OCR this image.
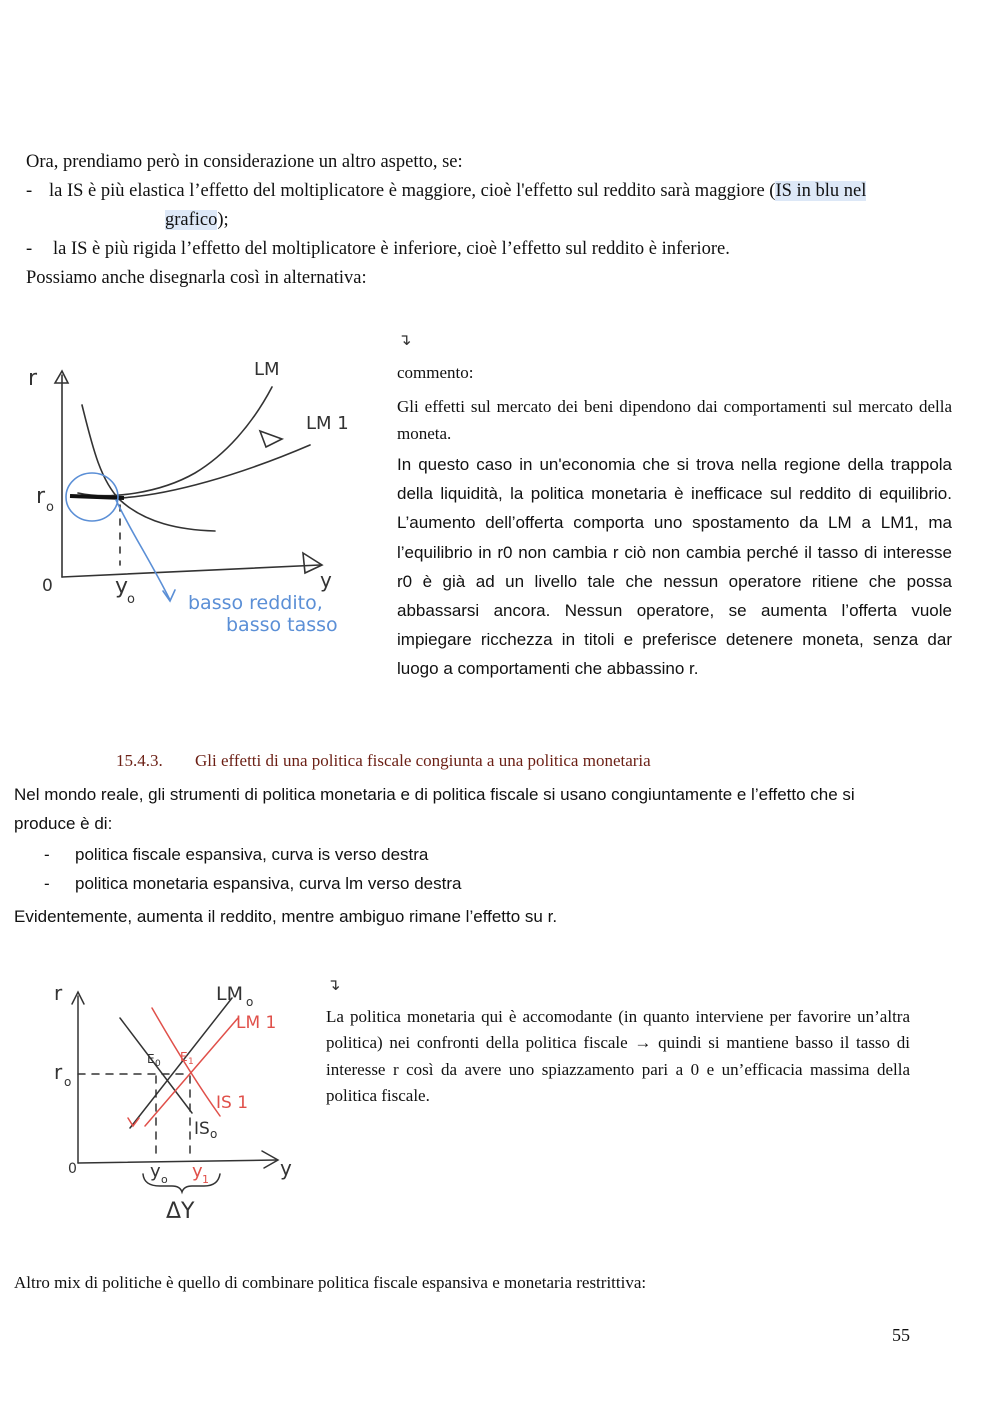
Ora, prendiamo però in considerazione un altro aspetto, se:
- la IS è più elastica l’effetto del moltiplicatore è maggiore, cioè l'effetto sul reddito sarà maggiore (IS in blu nel
grafico);
- la IS è più rigida l’effetto del moltiplicatore è inferiore, cioè l’effetto sul reddito è inferiore.
Possiamo anche disegnarla così in alternativa:
r	LM
LM 1
r o
0	y
y
o	basso reddito,
basso tasso
↴
commento:
Gli effetti sul mercato dei beni dipendono dai comportamenti sul mercato della moneta.
In questo caso in un'economia che si trova nella regione della trappola della liquidità, la politica monetaria è inefficace sul reddito di equilibrio. L’aumento dell’offerta comporta uno spostamento da LM a LM1, ma l’equilibrio in r0 non cambia r ciò non cambia perché il tasso di interesse r0 è già ad un livello tale che nessun operatore ritiene che possa abbassarsi ancora. Nessun operatore, se aumenta l’offerta vuole impiegare ricchezza in titoli e preferisce detenere moneta, senza dar luogo a comportamenti che abbassino r.
15.4.3. Gli effetti di una politica fiscale congiunta a una politica monetaria
Nel mondo reale, gli strumenti di politica monetaria e di politica fiscale si usano congiuntamente e l’effetto che si produce è di:
- politica fiscale espansiva, curva is verso destra
- politica monetaria espansiva, curva lm verso destra
Evidentemente, aumenta il reddito, mentre ambiguo rimane l’effetto su r.
r	LM o
LM 1
E 0 E 1
r o
IS 1
IS o
0	y o y 1	y
ΔY
↴
La politica monetaria qui è accomodante (in quanto interviene per favorire un’altra politica) nei confronti della politica fiscale → quindi si mantiene basso il tasso di interesse r così da avere uno spiazzamento pari a 0 e un’efficacia massima della politica fiscale.
Altro mix di politiche è quello di combinare politica fiscale espansiva e monetaria restrittiva:
55
